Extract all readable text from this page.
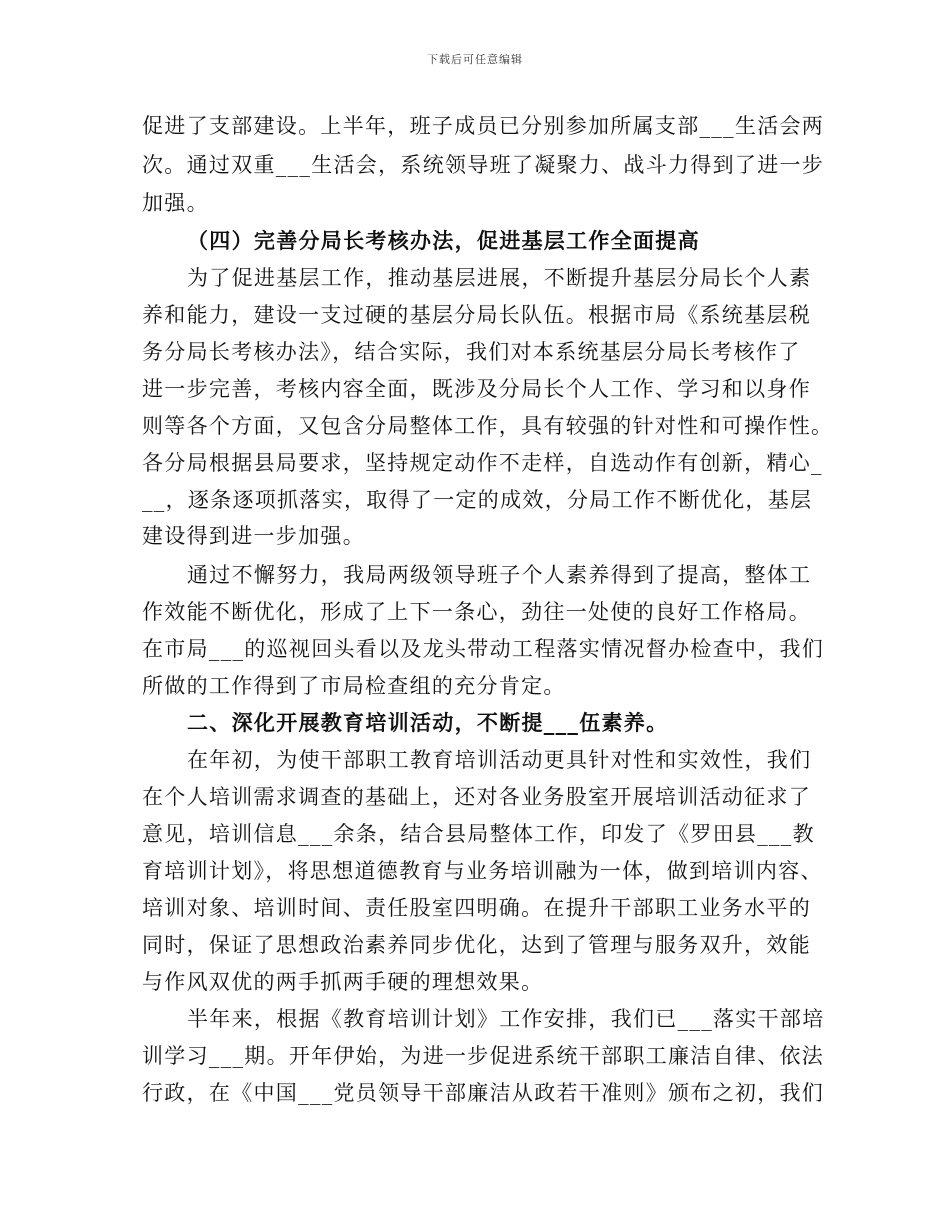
下载后可任意编辑
促进了支部建设。上半年，班子成员已分别参加所属支部___生活会两
次。通过双重___生活会，系统领导班了凝聚力、战斗力得到了进一步
加强。
（四）完善分局长考核办法，促进基层工作全面提高
为了促进基层工作，推动基层进展，不断提升基层分局长个人素
养和能力，建设一支过硬的基层分局长队伍。根据市局《系统基层税
务分局长考核办法》，结合实际，我们对本系统基层分局长考核作了
进一步完善，考核内容全面，既涉及分局长个人工作、学习和以身作
则等各个方面，又包含分局整体工作，具有较强的针对性和可操作性。
各分局根据县局要求，坚持规定动作不走样，自选动作有创新，精心_
__，逐条逐项抓落实，取得了一定的成效，分局工作不断优化，基层
建设得到进一步加强。
通过不懈努力，我局两级领导班子个人素养得到了提高，整体工
作效能不断优化，形成了上下一条心，劲往一处使的良好工作格局。
在市局___的巡视回头看以及龙头带动工程落实情况督办检查中，我们
所做的工作得到了市局检查组的充分肯定。
二、深化开展教育培训活动，不断提___伍素养。
在年初，为使干部职工教育培训活动更具针对性和实效性，我们
在个人培训需求调查的基础上，还对各业务股室开展培训活动征求了
意见，培训信息___余条，结合县局整体工作，印发了《罗田县___教
育培训计划》，将思想道德教育与业务培训融为一体，做到培训内容、
培训对象、培训时间、责任股室四明确。在提升干部职工业务水平的
同时，保证了思想政治素养同步优化，达到了管理与服务双升，效能
与作风双优的两手抓两手硬的理想效果。
半年来，根据《教育培训计划》工作安排，我们已___落实干部培
训学习___期。开年伊始，为进一步促进系统干部职工廉洁自律、依法
行政，在《中国___党员领导干部廉洁从政若干准则》颁布之初，我们
